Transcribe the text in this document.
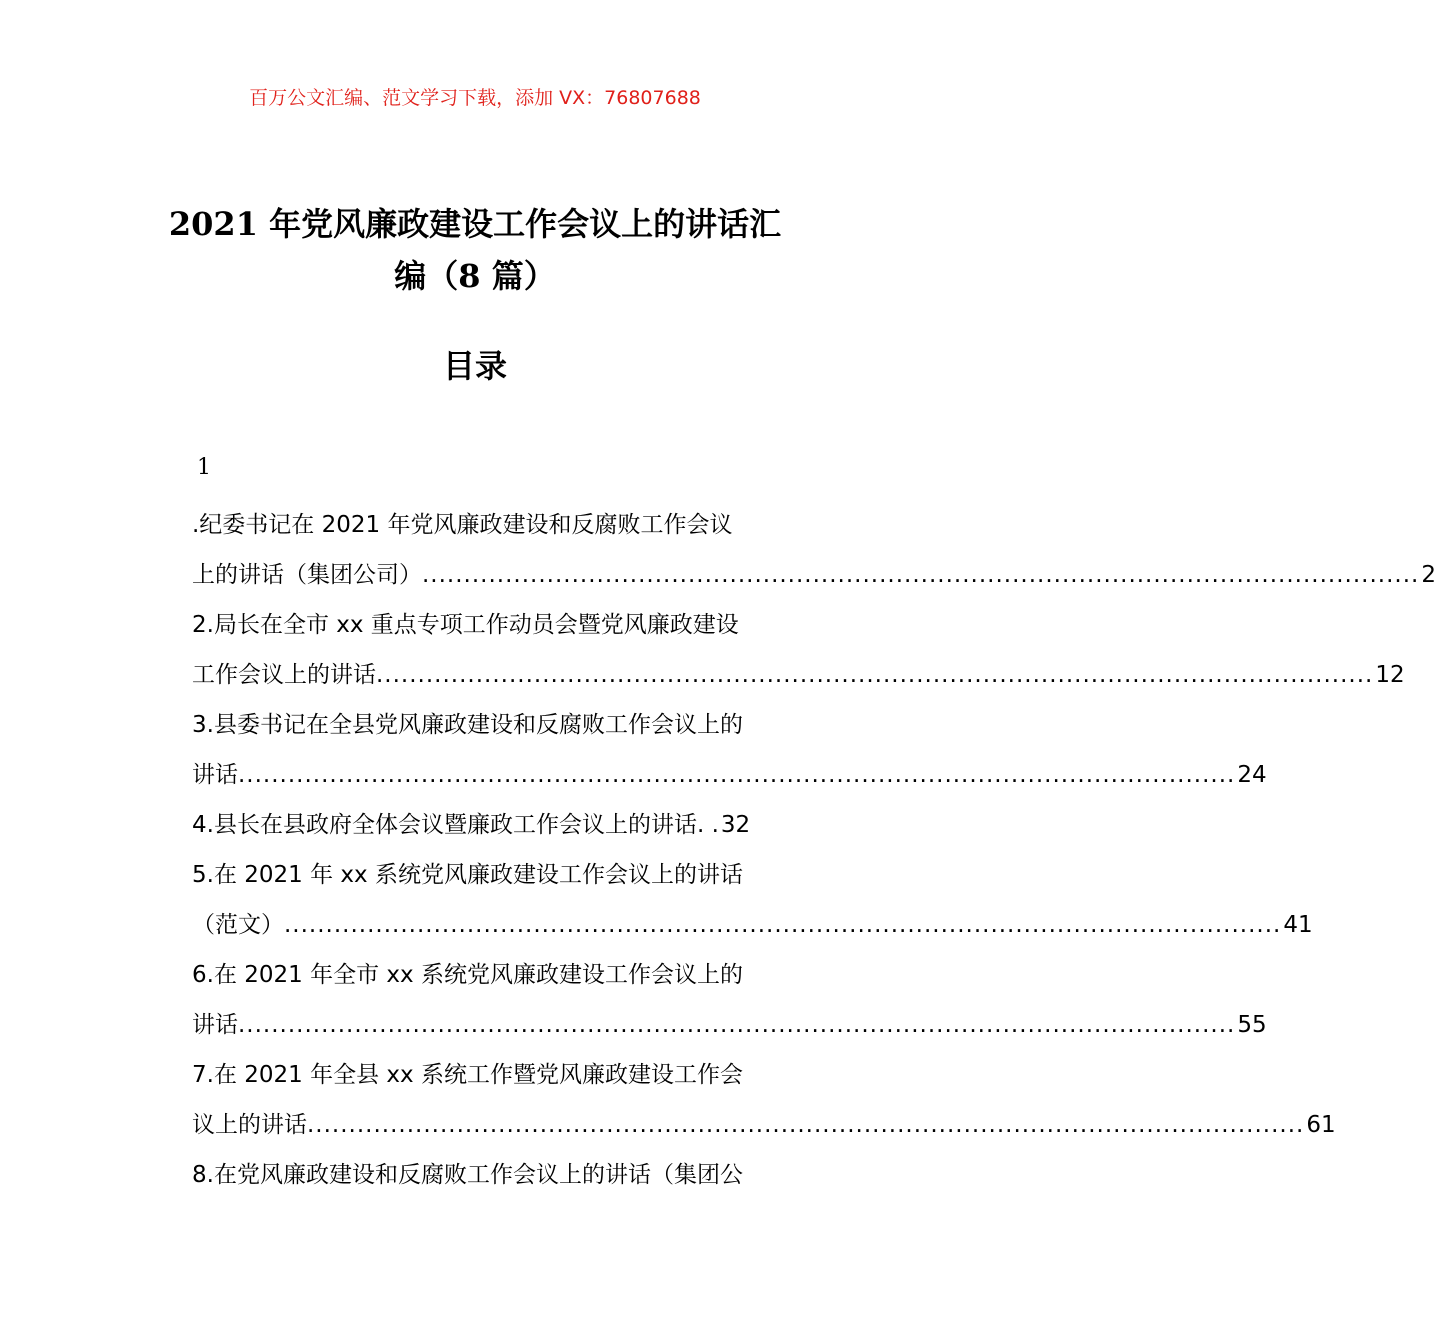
百万公文汇编、范文学习下载，添加 VX：76807688
2021 年党风廉政建设工作会议上的讲话汇
编（8 篇）
目录
1
.纪委书记在 2021 年党风廉政建设和反腐败工作会议
上的讲话（集团公司） ........................................................................................................................ 2
2.局长在全市 xx 重点专项工作动员会暨党风廉政建设
工作会议上的讲话 ........................................................................................................................ 12
3.县委书记在全县党风廉政建设和反腐败工作会议上的
讲话 ........................................................................................................................ 24
4.县长在县政府全体会议暨廉政工作会议上的讲话. . 32
5.在 2021 年 xx 系统党风廉政建设工作会议上的讲话
（范文） ........................................................................................................................ 41
6.在 2021 年全市 xx 系统党风廉政建设工作会议上的
讲话 ........................................................................................................................ 55
7.在 2021 年全县 xx 系统工作暨党风廉政建设工作会
议上的讲话 ........................................................................................................................ 61
8.在党风廉政建设和反腐败工作会议上的讲话（集团公
